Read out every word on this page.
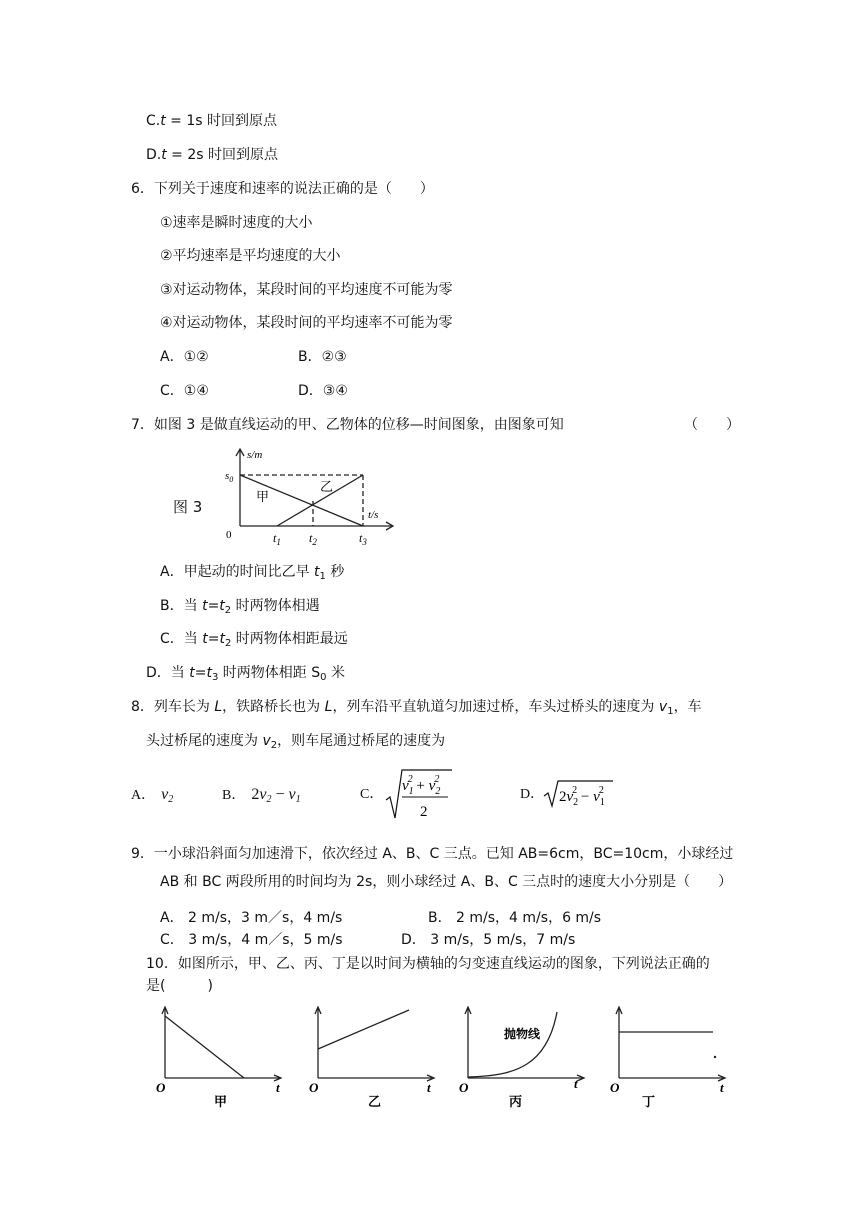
C.t = 1s 时回到原点
D.t = 2s 时回到原点
6．下列关于速度和速率的说法正确的是（　　）
①速率是瞬时速度的大小
②平均速率是平均速度的大小
③对运动物体，某段时间的平均速度不可能为零
④对运动物体，某段时间的平均速率不可能为零
A．①②	B．②③
C．①④	D．③④
7．如图 3 是做直线运动的甲、乙物体的位移—时间图象，由图象可知	（　　）
图 3
s/m
$s_0$
甲
乙
t/s
0	$t_1$ $t_2$	$t_3$
A．甲起动的时间比乙早 $t_1$ 秒
B．当 $t=t_2$ 时两物体相遇
C．当 $t=t_2$ 时两物体相距最远
D．当 $t=t_3$ 时两物体相距 $S_0$ 米
8．列车长为 L，铁路桥长也为 L，列车沿平直轨道匀加速过桥，车头过桥头的速度为 $v_1$，车
头过桥尾的速度为 $v_2$，则车尾通过桥尾的速度为
A． $v_2$	B． $2v_2 - v_1$	C．
$v_12 + v_22$
2
D． $2v_22 - v_12$
9．一小球沿斜面匀加速滑下，依次经过 A、B、C 三点。已知 AB=6cm，BC=10cm，小球经过
AB 和 BC 两段所用的时间均为 2s，则小球经过 A、B、C 三点时的速度大小分别是（　　）
A． 2 m/s，3 m／s，4 m/s	B． 2 m/s，4 m/s，6 m/s
C． 3 m/s，4 m／s，5 m/s	D． 3 m/s，5 m/s，7 m/s
10．如图所示，甲、乙、丙、丁是以时间为横轴的匀变速直线运动的图象，下列说法正确的
是(　　　)
O	t
甲
O	t
乙
抛物线
O	t
丙
O	t
丁
